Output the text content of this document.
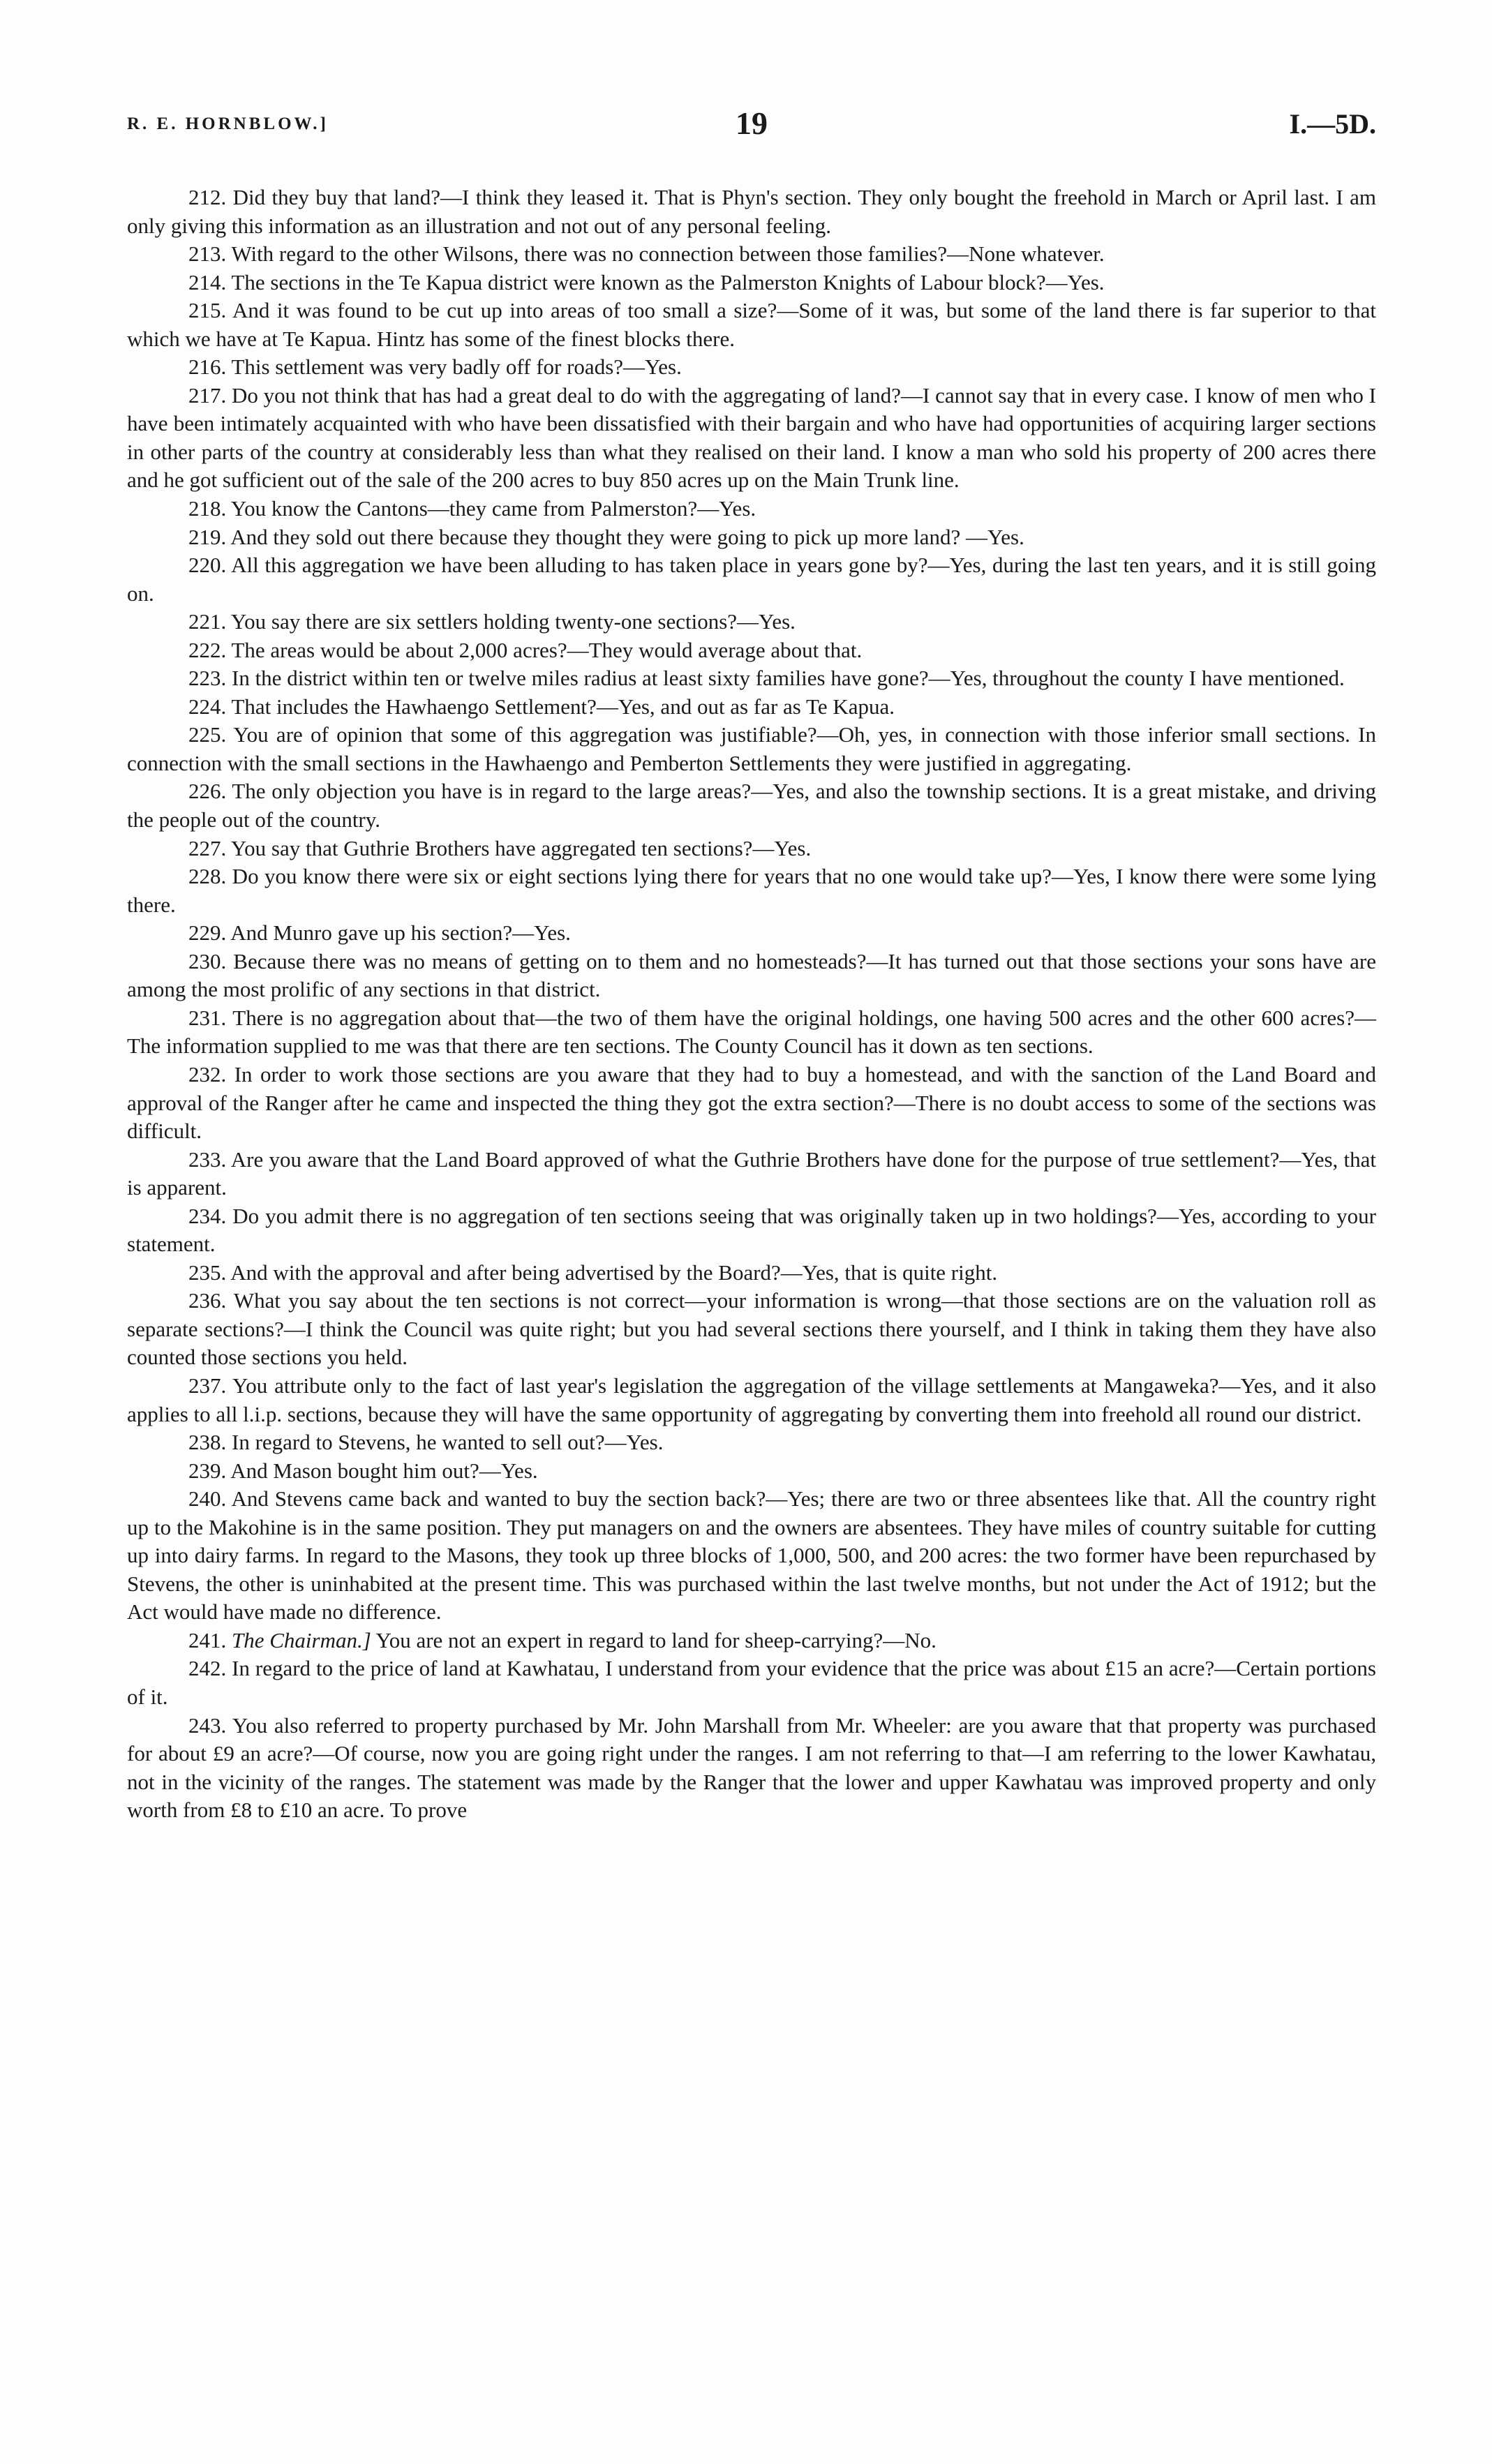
R. E. HORNBLOW.]	19	I.—5D.

212. Did they buy that land?—I think they leased it. That is Phyn's section. They only bought the freehold in March or April last. I am only giving this information as an illustration and not out of any personal feeling.

213. With regard to the other Wilsons, there was no connection between those families?—None whatever.

214. The sections in the Te Kapua district were known as the Palmerston Knights of Labour block?—Yes.

215. And it was found to be cut up into areas of too small a size?—Some of it was, but some of the land there is far superior to that which we have at Te Kapua. Hintz has some of the finest blocks there.

216. This settlement was very badly off for roads?—Yes.

217. Do you not think that has had a great deal to do with the aggregating of land?—I cannot say that in every case. I know of men who I have been intimately acquainted with who have been dissatisfied with their bargain and who have had opportunities of acquiring larger sections in other parts of the country at considerably less than what they realised on their land. I know a man who sold his property of 200 acres there and he got sufficient out of the sale of the 200 acres to buy 850 acres up on the Main Trunk line.

218. You know the Cantons—they came from Palmerston?—Yes.

219. And they sold out there because they thought they were going to pick up more land? —Yes.

220. All this aggregation we have been alluding to has taken place in years gone by?—Yes, during the last ten years, and it is still going on.

221. You say there are six settlers holding twenty-one sections?—Yes.

222. The areas would be about 2,000 acres?—They would average about that.

223. In the district within ten or twelve miles radius at least sixty families have gone?—Yes, throughout the county I have mentioned.

224. That includes the Hawhaengo Settlement?—Yes, and out as far as Te Kapua.

225. You are of opinion that some of this aggregation was justifiable?—Oh, yes, in connection with those inferior small sections. In connection with the small sections in the Hawhaengo and Pemberton Settlements they were justified in aggregating.

226. The only objection you have is in regard to the large areas?—Yes, and also the township sections. It is a great mistake, and driving the people out of the country.

227. You say that Guthrie Brothers have aggregated ten sections?—Yes.

228. Do you know there were six or eight sections lying there for years that no one would take up?—Yes, I know there were some lying there.

229. And Munro gave up his section?—Yes.

230. Because there was no means of getting on to them and no homesteads?—It has turned out that those sections your sons have are among the most prolific of any sections in that district.

231. There is no aggregation about that—the two of them have the original holdings, one having 500 acres and the other 600 acres?—The information supplied to me was that there are ten sections. The County Council has it down as ten sections.

232. In order to work those sections are you aware that they had to buy a homestead, and with the sanction of the Land Board and approval of the Ranger after he came and inspected the thing they got the extra section?—There is no doubt access to some of the sections was difficult.

233. Are you aware that the Land Board approved of what the Guthrie Brothers have done for the purpose of true settlement?—Yes, that is apparent.

234. Do you admit there is no aggregation of ten sections seeing that was originally taken up in two holdings?—Yes, according to your statement.

235. And with the approval and after being advertised by the Board?—Yes, that is quite right.

236. What you say about the ten sections is not correct—your information is wrong—that those sections are on the valuation roll as separate sections?—I think the Council was quite right; but you had several sections there yourself, and I think in taking them they have also counted those sections you held.

237. You attribute only to the fact of last year's legislation the aggregation of the village settlements at Mangaweka?—Yes, and it also applies to all l.i.p. sections, because they will have the same opportunity of aggregating by converting them into freehold all round our district.

238. In regard to Stevens, he wanted to sell out?—Yes.

239. And Mason bought him out?—Yes.

240. And Stevens came back and wanted to buy the section back?—Yes; there are two or three absentees like that. All the country right up to the Makohine is in the same position. They put managers on and the owners are absentees. They have miles of country suitable for cutting up into dairy farms. In regard to the Masons, they took up three blocks of 1,000, 500, and 200 acres: the two former have been repurchased by Stevens, the other is uninhabited at the present time. This was purchased within the last twelve months, but not under the Act of 1912; but the Act would have made no difference.

241. The Chairman.] You are not an expert in regard to land for sheep-carrying?—No.

242. In regard to the price of land at Kawhatau, I understand from your evidence that the price was about £15 an acre?—Certain portions of it.

243. You also referred to property purchased by Mr. John Marshall from Mr. Wheeler: are you aware that that property was purchased for about £9 an acre?—Of course, now you are going right under the ranges. I am not referring to that—I am referring to the lower Kawhatau, not in the vicinity of the ranges. The statement was made by the Ranger that the lower and upper Kawhatau was improved property and only worth from £8 to £10 an acre. To prove
